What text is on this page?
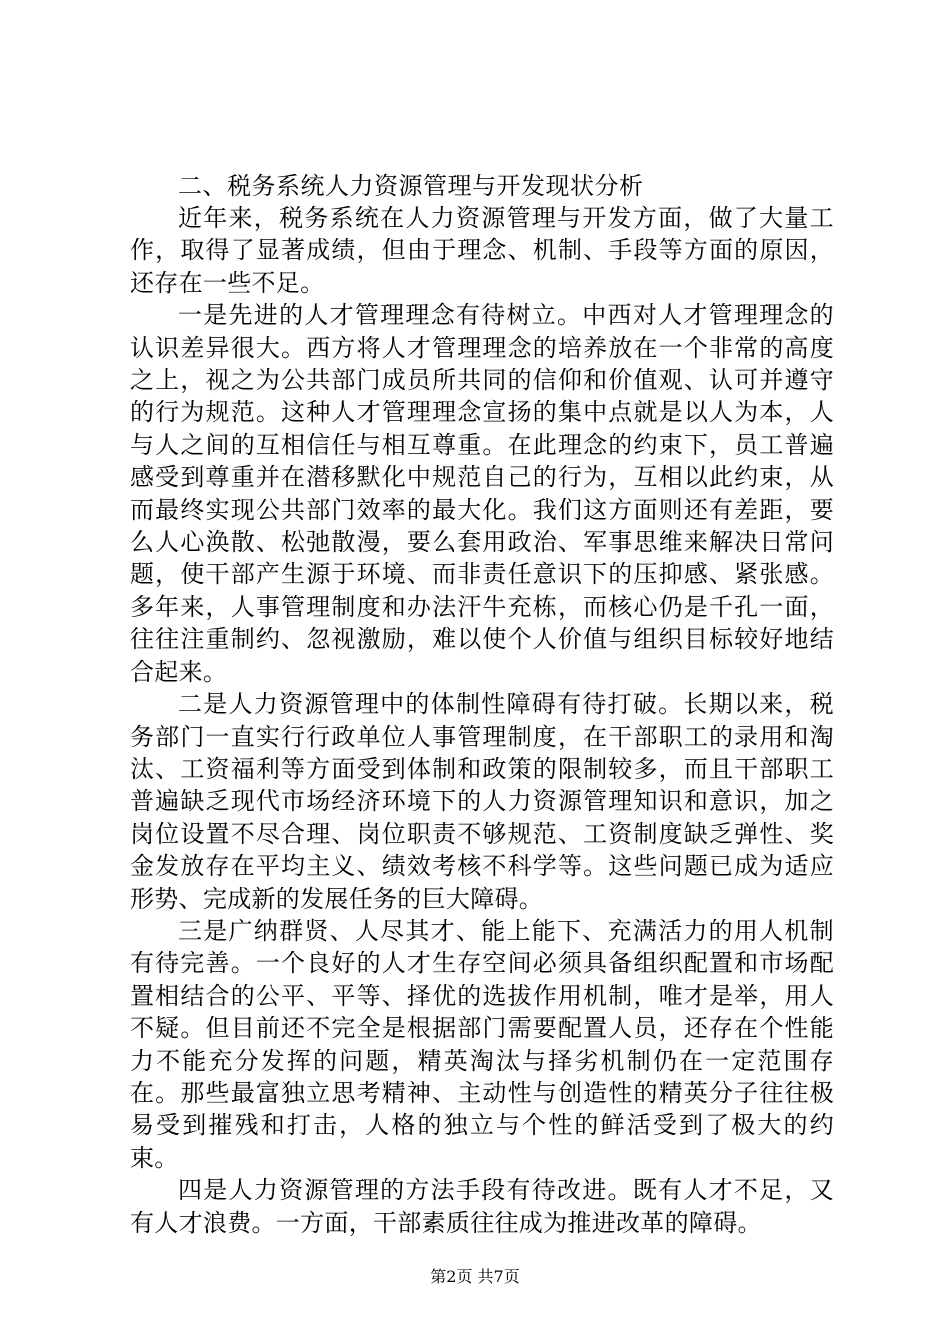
二、税务系统人力资源管理与开发现状分析

近年来，税务系统在人力资源管理与开发方面，做了大量工作，取得了显著成绩，但由于理念、机制、手段等方面的原因，还存在一些不足。

一是先进的人才管理理念有待树立。中西对人才管理理念的认识差异很大。西方将人才管理理念的培养放在一个非常的高度之上，视之为公共部门成员所共同的信仰和价值观、认可并遵守的行为规范。这种人才管理理念宣扬的集中点就是以人为本，人与人之间的互相信任与相互尊重。在此理念的约束下，员工普遍感受到尊重并在潜移默化中规范自己的行为，互相以此约束，从而最终实现公共部门效率的最大化。我们这方面则还有差距，要么人心涣散、松弛散漫，要么套用政治、军事思维来解决日常问题，使干部产生源于环境、而非责任意识下的压抑感、紧张感。多年来，人事管理制度和办法汗牛充栋，而核心仍是千孔一面，往往注重制约、忽视激励，难以使个人价值与组织目标较好地结合起来。

二是人力资源管理中的体制性障碍有待打破。长期以来，税务部门一直实行行政单位人事管理制度，在干部职工的录用和淘汰、工资福利等方面受到体制和政策的限制较多，而且干部职工普遍缺乏现代市场经济环境下的人力资源管理知识和意识，加之岗位设置不尽合理、岗位职责不够规范、工资制度缺乏弹性、奖金发放存在平均主义、绩效考核不科学等。这些问题已成为适应形势、完成新的发展任务的巨大障碍。

三是广纳群贤、人尽其才、能上能下、充满活力的用人机制有待完善。一个良好的人才生存空间必须具备组织配置和市场配置相结合的公平、平等、择优的选拔作用机制，唯才是举，用人不疑。但目前还不完全是根据部门需要配置人员，还存在个性能力不能充分发挥的问题，精英淘汰与择劣机制仍在一定范围存在。那些最富独立思考精神、主动性与创造性的精英分子往往极易受到摧残和打击，人格的独立与个性的鲜活受到了极大的约束。

四是人力资源管理的方法手段有待改进。既有人才不足，又有人才浪费。一方面，干部素质往往成为推进改革的障碍。

第2页 共7页
